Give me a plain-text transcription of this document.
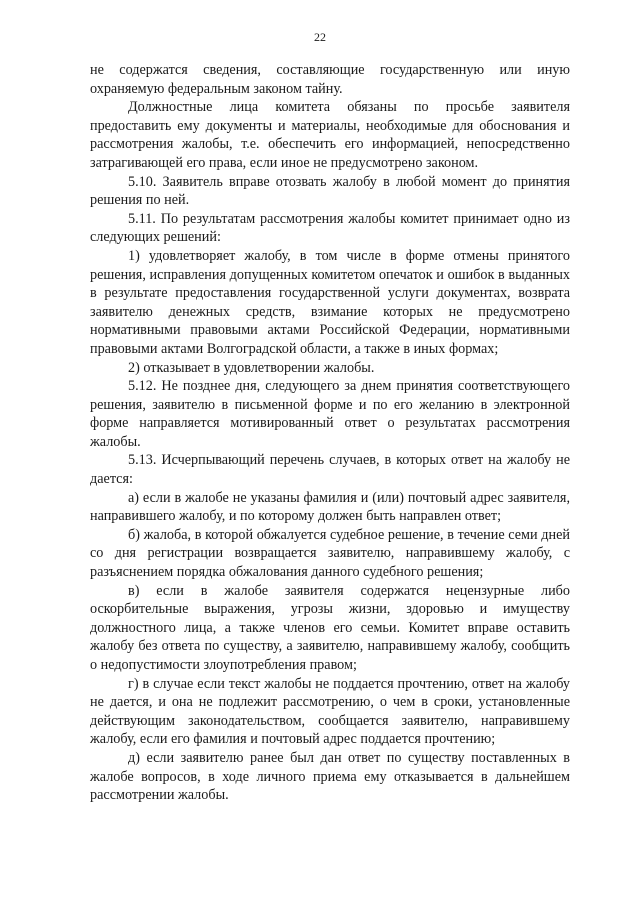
22

не содержатся сведения, составляющие государственную или иную охраняемую федеральным законом тайну.

Должностные лица комитета обязаны по просьбе заявителя предоставить ему документы и материалы, необходимые для обоснования и рассмотрения жалобы, т.е. обеспечить его информацией, непосредственно затрагивающей его права, если иное не предусмотрено законом.

5.10. Заявитель вправе отозвать жалобу в любой момент до принятия решения по ней.

5.11. По результатам рассмотрения жалобы комитет принимает одно из следующих решений:

1) удовлетворяет жалобу, в том числе в форме отмены принятого решения, исправления допущенных комитетом опечаток и ошибок в выданных в результате предоставления государственной услуги документах, возврата заявителю денежных средств, взимание которых не предусмотрено нормативными правовыми актами Российской Федерации, нормативными правовыми актами Волгоградской области, а также в иных формах;

2) отказывает в удовлетворении жалобы.

5.12. Не позднее дня, следующего за днем принятия соответствующего решения, заявителю в письменной форме и по его желанию в электронной форме направляется мотивированный ответ о результатах рассмотрения жалобы.

5.13. Исчерпывающий перечень случаев, в которых ответ на жалобу не дается:

а) если в жалобе не указаны фамилия и (или) почтовый адрес заявителя, направившего жалобу, и по которому должен быть направлен ответ;

б) жалоба, в которой обжалуется судебное решение, в течение семи дней со дня регистрации возвращается заявителю, направившему жалобу, с разъяснением порядка обжалования данного судебного решения;

в) если в жалобе заявителя содержатся нецензурные либо оскорбительные выражения, угрозы жизни, здоровью и имуществу должностного лица, а также членов его семьи. Комитет вправе оставить жалобу без ответа по существу, а заявителю, направившему жалобу, сообщить о недопустимости злоупотребления правом;

г) в случае если текст жалобы не поддается прочтению, ответ на жалобу не дается, и она не подлежит рассмотрению, о чем в сроки, установленные действующим законодательством, сообщается заявителю, направившему жалобу, если его фамилия и почтовый адрес поддается прочтению;

д) если заявителю ранее был дан ответ по существу поставленных в жалобе вопросов, в ходе личного приема ему отказывается в дальнейшем рассмотрении жалобы.
